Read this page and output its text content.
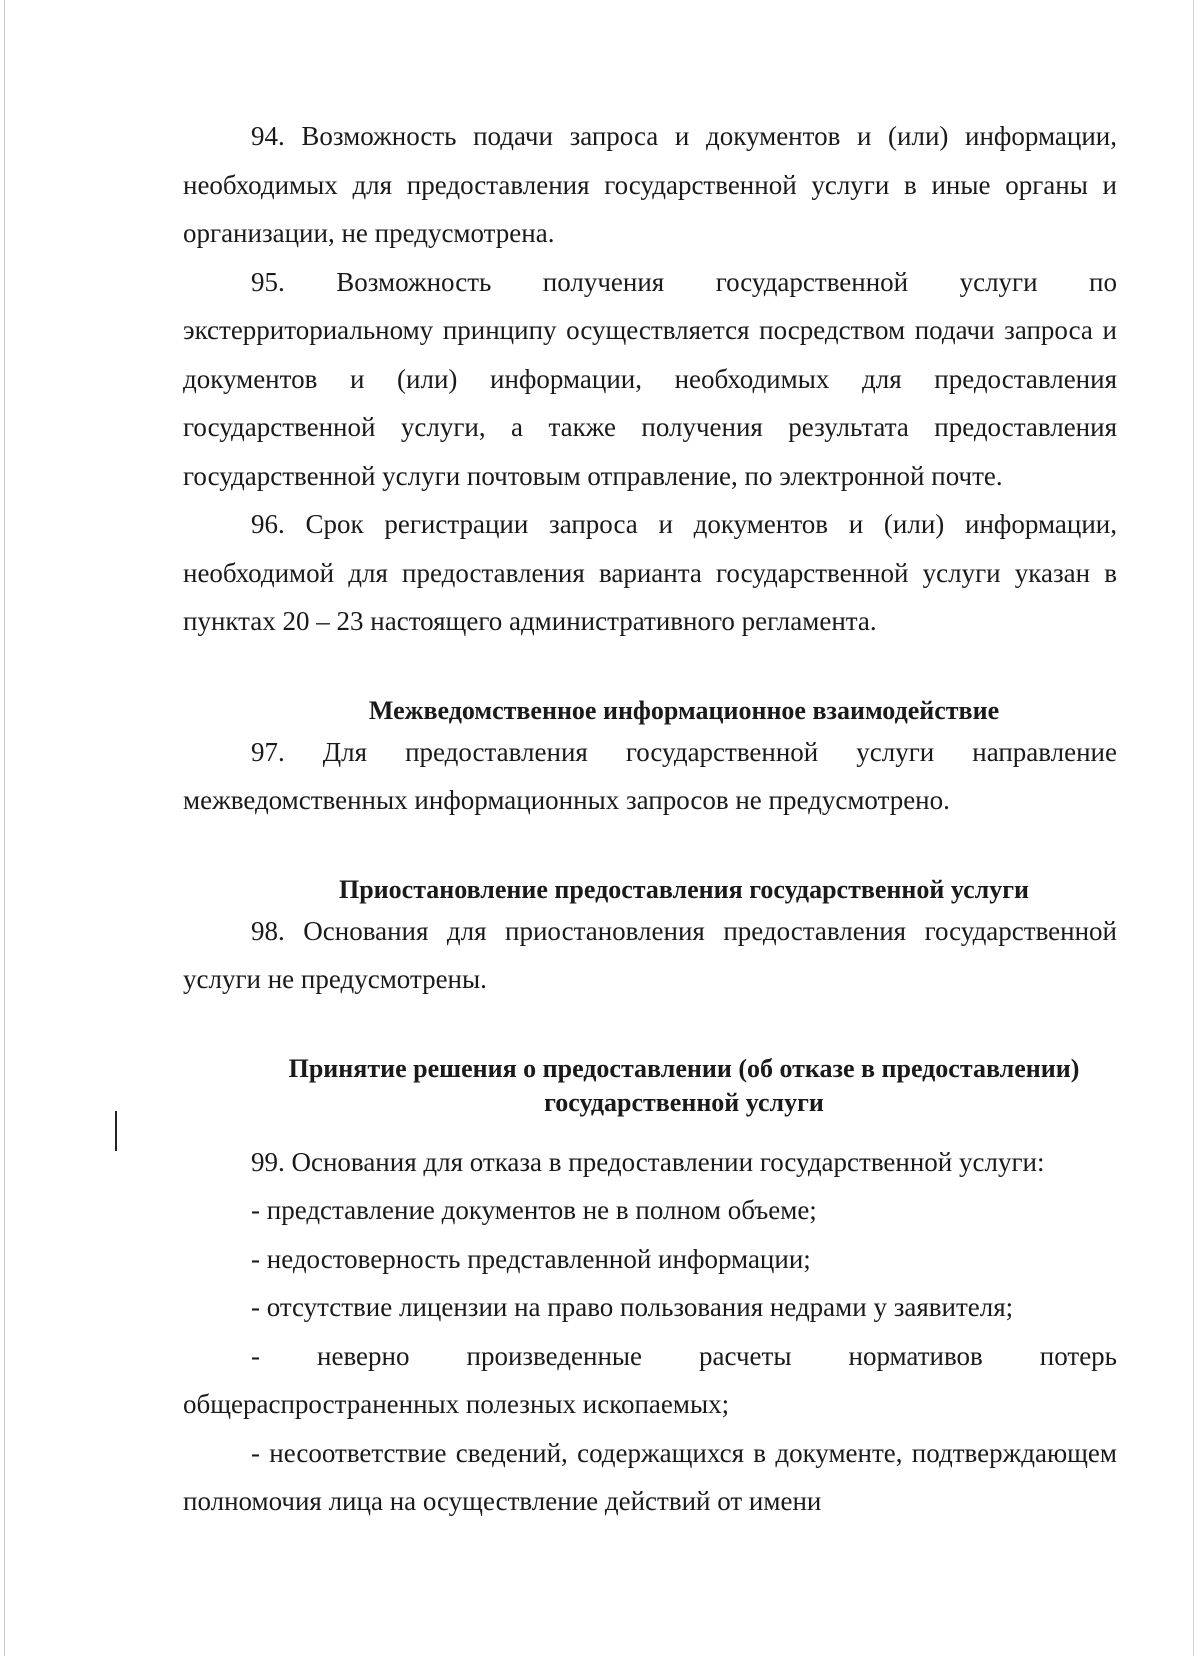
94. Возможность подачи запроса и документов и (или) информации, необходимых для предоставления государственной услуги в иные органы и организации, не предусмотрена.

95. Возможность получения государственной услуги по экстерриториальному принципу осуществляется посредством подачи запроса и документов и (или) информации, необходимых для предоставления государственной услуги, а также получения результата предоставления государственной услуги почтовым отправление, по электронной почте.

96. Срок регистрации запроса и документов и (или) информации, необходимой для предоставления варианта государственной услуги указан в пунктах 20 – 23 настоящего административного регламента.

Межведомственное информационное взаимодействие

97. Для предоставления государственной услуги направление межведомственных информационных запросов не предусмотрено.

Приостановление предоставления государственной услуги

98. Основания для приостановления предоставления государственной услуги не предусмотрены.

Принятие решения о предоставлении (об отказе в предоставлении)
государственной услуги

99. Основания для отказа в предоставлении государственной услуги:

- представление документов не в полном объеме;

- недостоверность представленной информации;

- отсутствие лицензии на право пользования недрами у заявителя;

- неверно произведенные расчеты нормативов потерь общераспространенных полезных ископаемых;

- несоответствие сведений, содержащихся в документе, подтверждающем полномочия лица на осуществление действий от имени
